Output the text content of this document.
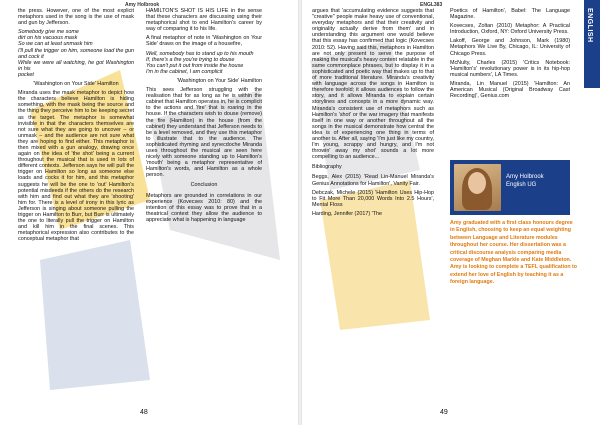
Amy Holbrook

the press. However, one of the most explicit metaphors used in the song is the use of mask and gun by Jefferson.

Somebody give me some
dirt on his vacuous mask
So we can at least unmask him
I'll pull the trigger on him, someone load the gun and cock it
While we were all watching, he got Washington in his
pocket

'Washington on Your Side' Hamilton

Miranda uses the mask metaphor to depict how the characters believe Hamilton is hiding something, with the mask being the source and the thing they perceive him to be keeping secret as the target. The metaphor is somewhat invisible in that the characters themselves are not sure what they are going to uncover – or unmask – and the audience are not sure what they are hoping to find either. This metaphor is then mixed with a gun analogy, drawing once again on the idea of 'the shot' being a current throughout the musical that is used in lots of different contexts. Jefferson says he will pull the trigger on Hamilton so long as someone else loads and cocks it for him, and this metaphor suggests he will be the one to 'out' Hamilton's potential misdeeds if the others do the research with him and find out what they are 'shooting' him for. There is a level of irony in this lyric as Jefferson is singing about someone pulling the trigger on Hamilton to Burr, but Burr is ultimately the one to literally pull the trigger on Hamilton and kill him in the final scenes. This metaphorical expression also contributes to the conceptual metaphor that

HAMILTON'S SHOT IS HIS LIFE in the sense that these characters are discussing using their metaphorical shot to end Hamilton's career by way of comparing it to his life.

A final metaphor of note in 'Washington on Your Side' draws on the image of a housefire,

Well, somebody has to stand up to his mouth
If, there's a fire you're trying to douse
You can't put it out from inside the house
I'm in the cabinet, I am complicit

'Washington on Your Side' Hamilton

This sees Jefferson struggling with the realisation that for as long as he is within the cabinet that Hamilton operates in, he is complicit to the actions and 'fire' that is roaring in the house. If the characters wish to douse (remove) the fire (Hamilton) in the house (from the cabinet) they understand that Jefferson needs to be a level removed, and they use this metaphor to illustrate that to the audience. The sophisticated rhyming and synecdoche Miranda uses throughout the musical are seen here nicely with someone standing up to Hamilton's 'mouth' being a metaphor representative of Hamilton's words, and Hamilton as a whole person.

Conclusion

Metaphors are grounded in correlations in our experience (Kovecses 2010: 80) and the intention of this essay was to prove that in a theatrical context they allow the audience to appreciate what is happening in language

48
ENGL383
ENGLISH

argues that 'accumulating evidence suggests that "creative" people make heavy use of conventional, everyday metaphors and that their creativity and originality actually derive from them' and in understanding this argument one would believe that this essay has confirmed that logic (Kovecses 2010: 52). Having said this, metaphors in Hamilton are not only present to serve the purpose of making the musical's heavy content relatable in the same commonplace phrases, but to display it in a sophisticated and poetic way that makes up to that of more traditional literature. Miranda's creativity with language across the songs in Hamilton is therefore twofold; it allows audiences to follow the story, and it allows Miranda to explain certain storylines and concepts in a more dynamic way. Miranda's consistent use of metaphors such as Hamilton's 'shot' or the war imagery that manifests itself in one way or another throughout all the songs in the musical demonstrate how central the idea is of experiencing one thing in terms of another is. After all, saying 'I'm just like my country, I'm young, scrappy and hungry, and I'm not throwin' away my shot' sounds a lot more compelling to an audience...

Bibliography

Beggs, Alex (2015) 'Read Lin-Manuel Miranda's Genius Annotations for Hamilton', Vanity Fair.

Debczak, Michele (2015) 'Hamilton Uses Hip-Hop to Fit More Than 20,000 Words Into 2.5 Hours', Mental Floss

Harding, Jennifer (2017) 'The

Poetics of Hamilton', Babel: The Language Magazine.

Kovecses, Zoltan (2010) Metaphor: A Practical Introduction, Oxford, NY: Oxford University Press.

Lakoff, George and Johnson, Mark (1980) Metaphors We Live By, Chicago, IL: University of Chicago Press.

McNulty, Charles (2015) 'Critics Notebook: 'Hamilton's' revolutionary power is in its hip-hop musical numbers', LA Times.

Miranda, Lin Manuel (2015) 'Hamilton: An American Musical (Original Broadway Cast Recording)', Genius.com

Amy Holbrook
English UG
Amy graduated with a first class honours degree in English, choosing to keep an equal weighting between Language and Literature modules throughout her course. Her dissertation was a critical discourse analysis comparing media coverage of Meghan Markle and Kate Middleton. Amy is looking to complete a TEFL qualification to extend her love of English by teaching it as a foreign language.
49
